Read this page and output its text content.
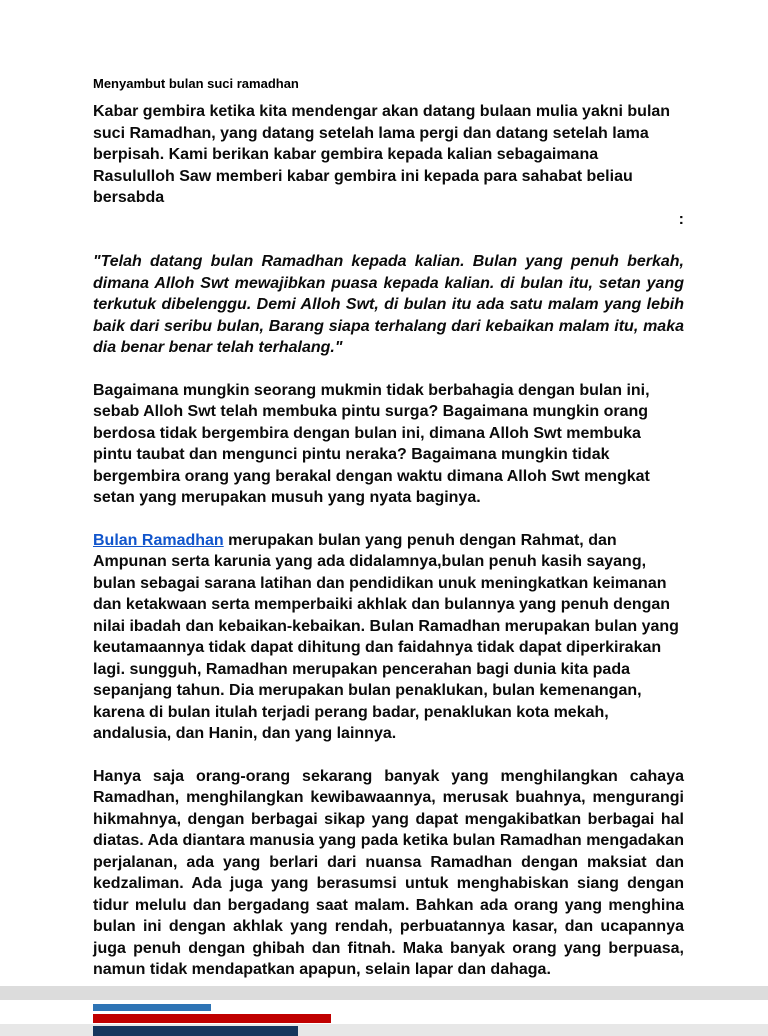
Menyambut bulan suci ramadhan

Kabar gembira ketika kita mendengar akan datang bulaan mulia yakni bulan suci Ramadhan, yang datang setelah lama pergi dan datang setelah lama berpisah. Kami berikan kabar gembira kepada kalian sebagaimana Rasululloh Saw memberi kabar gembira ini kepada para sahabat beliau bersabda

:

"Telah datang bulan Ramadhan kepada kalian. Bulan yang penuh berkah, dimana Alloh Swt mewajibkan puasa kepada kalian. di bulan itu, setan yang terkutuk dibelenggu. Demi Alloh Swt, di bulan itu ada satu malam yang lebih baik dari seribu bulan, Barang siapa terhalang dari kebaikan malam itu, maka dia benar benar telah terhalang."

Bagaimana mungkin seorang mukmin tidak berbahagia dengan bulan ini, sebab Alloh Swt telah membuka pintu surga? Bagaimana mungkin orang berdosa tidak bergembira dengan bulan ini, dimana Alloh Swt membuka pintu taubat dan mengunci pintu neraka? Bagaimana mungkin tidak bergembira orang yang berakal dengan waktu dimana Alloh Swt mengkat setan yang merupakan musuh yang nyata baginya.

Bulan Ramadhan merupakan bulan yang penuh dengan Rahmat, dan Ampunan serta karunia yang ada didalamnya,bulan penuh kasih sayang, bulan sebagai sarana latihan dan pendidikan unuk meningkatkan keimanan dan ketakwaan serta memperbaiki akhlak dan bulannya yang penuh dengan nilai ibadah dan kebaikan-kebaikan. Bulan Ramadhan merupakan bulan yang keutamaannya tidak dapat dihitung dan faidahnya tidak dapat diperkirakan lagi. sungguh, Ramadhan merupakan pencerahan bagi dunia kita pada sepanjang tahun. Dia merupakan bulan penaklukan, bulan kemenangan, karena di bulan itulah terjadi perang badar, penaklukan kota mekah, andalusia, dan Hanin, dan yang lainnya.

Hanya saja orang-orang sekarang banyak yang menghilangkan cahaya Ramadhan, menghilangkan kewibawaannya, merusak buahnya, mengurangi hikmahnya, dengan berbagai sikap yang dapat mengakibatkan berbagai hal diatas. Ada diantara manusia yang pada ketika bulan Ramadhan mengadakan perjalanan, ada yang berlari dari nuansa Ramadhan dengan maksiat dan kedzaliman. Ada juga yang berasumsi untuk menghabiskan siang dengan tidur melulu dan bergadang saat malam. Bahkan ada orang yang menghina bulan ini dengan akhlak yang rendah, perbuatannya kasar, dan ucapannya juga penuh dengan ghibah dan fitnah. Maka banyak orang yang berpuasa, namun tidak mendapatkan apapun, selain lapar dan dahaga.
